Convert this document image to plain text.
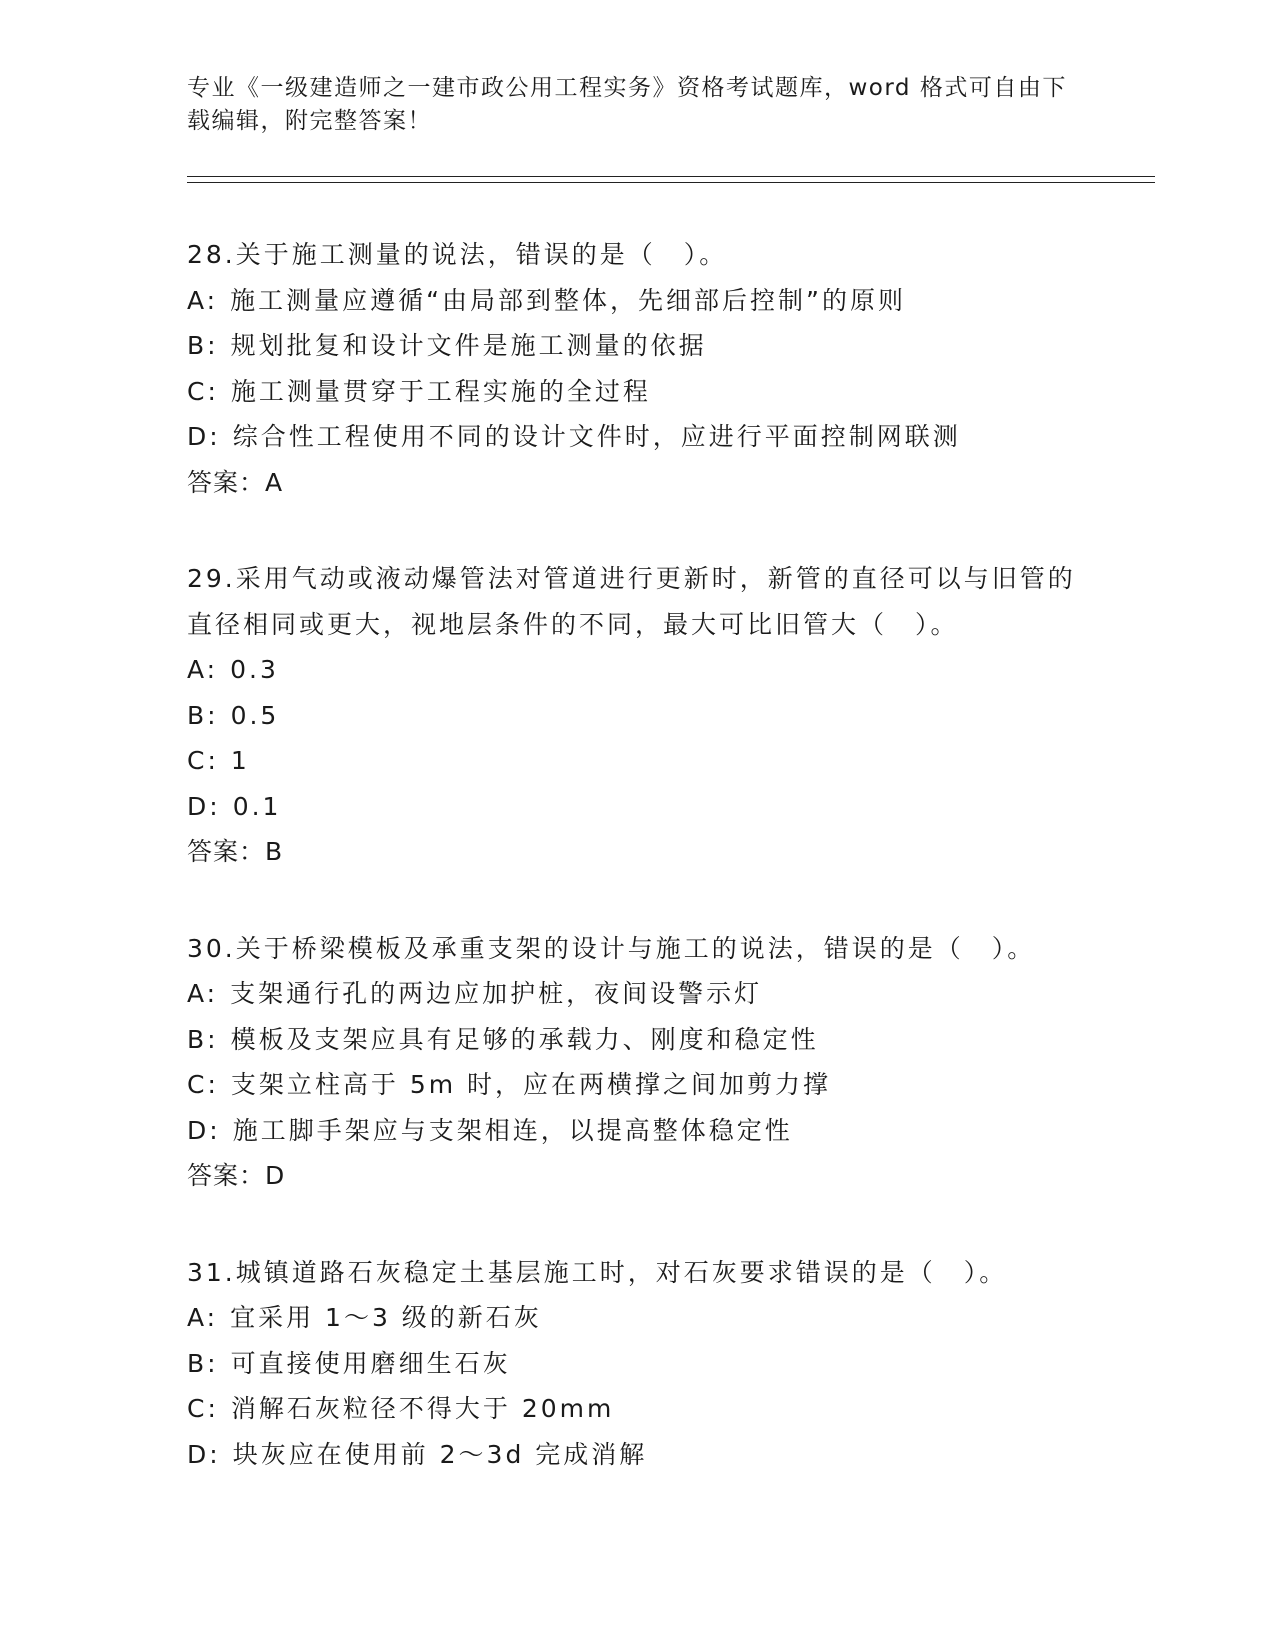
专业《一级建造师之一建市政公用工程实务》资格考试题库，word 格式可自由下
载编辑，附完整答案！
28.关于施工测量的说法，错误的是（　）。
A: 施工测量应遵循“由局部到整体，先细部后控制”的原则
B: 规划批复和设计文件是施工测量的依据
C: 施工测量贯穿于工程实施的全过程
D: 综合性工程使用不同的设计文件时，应进行平面控制网联测
答案：A
29.采用气动或液动爆管法对管道进行更新时，新管的直径可以与旧管的直径相同或更大，视地层条件的不同，最大可比旧管大（　）。
A: 0.3
B: 0.5
C: 1
D: 0.1
答案：B
30.关于桥梁模板及承重支架的设计与施工的说法，错误的是（　）。
A: 支架通行孔的两边应加护桩，夜间设警示灯
B: 模板及支架应具有足够的承载力、刚度和稳定性
C: 支架立柱高于 5m 时，应在两横撑之间加剪力撑
D: 施工脚手架应与支架相连，以提高整体稳定性
答案：D
31.城镇道路石灰稳定土基层施工时，对石灰要求错误的是（　）。
A: 宜采用 1～3 级的新石灰
B: 可直接使用磨细生石灰
C: 消解石灰粒径不得大于 20mm
D: 块灰应在使用前 2～3d 完成消解
